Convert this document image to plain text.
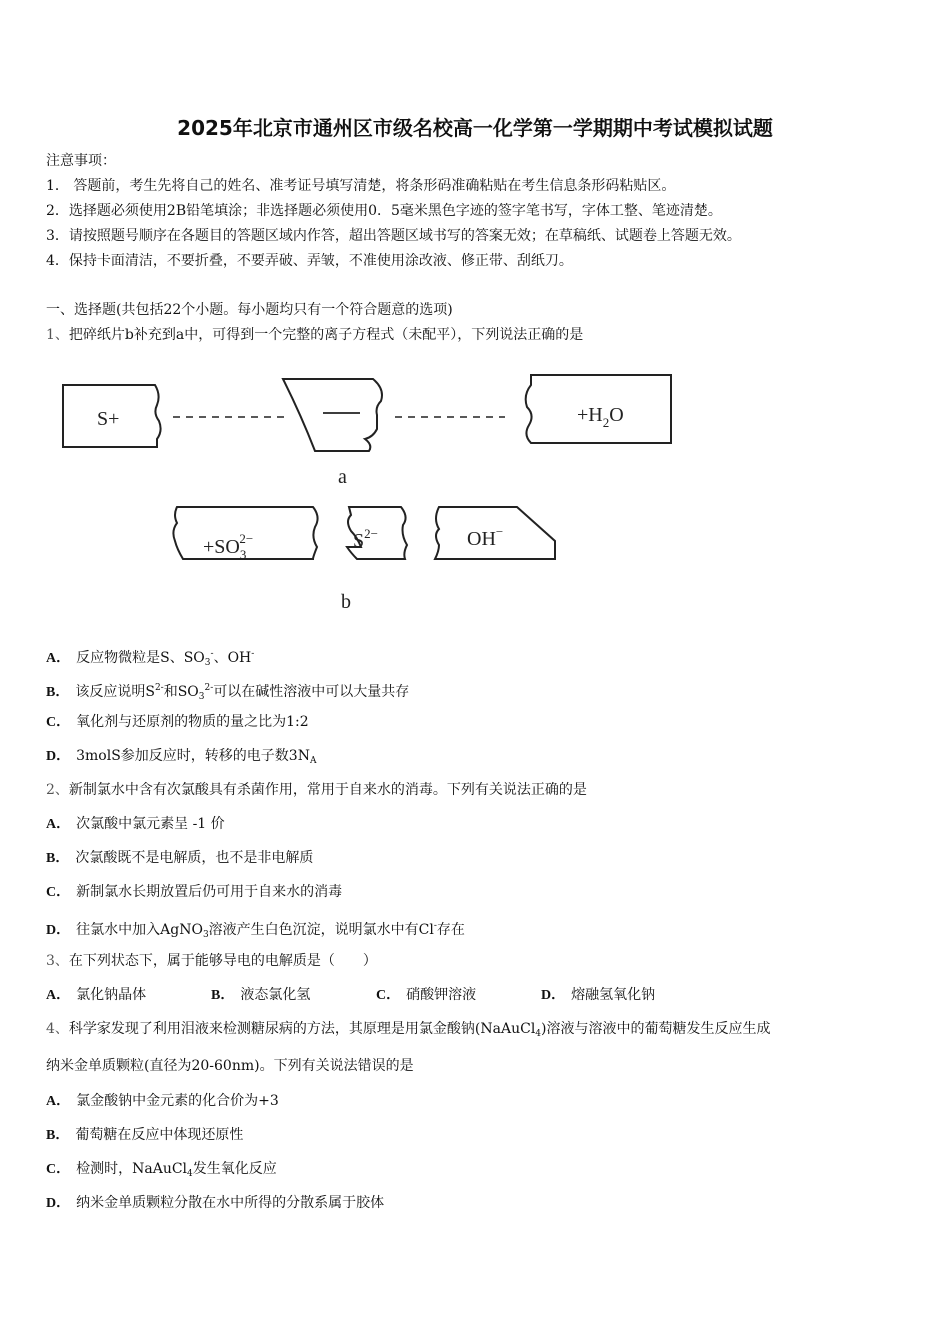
2025年北京市通州区市级名校高一化学第一学期期中考试模拟试题
注意事项：
1． 答题前，考生先将自己的姓名、准考证号填写清楚，将条形码准确粘贴在考生信息条形码粘贴区。
2．选择题必须使用2B铅笔填涂；非选择题必须使用0．5毫米黑色字迹的签字笔书写，字体工整、笔迹清楚。
3．请按照题号顺序在各题目的答题区域内作答，超出答题区域书写的答案无效；在草稿纸、试题卷上答题无效。
4．保持卡面清洁，不要折叠，不要弄破、弄皱，不准使用涂改液、修正带、刮纸刀。
一、选择题(共包括22个小题。每小题均只有一个符合题意的选项)
1、把碎纸片b补充到a中，可得到一个完整的离子方程式（未配平），下列说法正确的是
S+	$+H_2O$
a
$+SO_32-$	$S^{2-}$	OH−
b
A． 反应物微粒是S、$SO_3^-$、OH-
B． 该反应说明$S^{2-}$和$SO_3^{2-}$可以在碱性溶液中可以大量共存
C． 氧化剂与还原剂的物质的量之比为1:2
D． 3molS参加反应时，转移的电子数$3N_A$
2、新制氯水中含有次氯酸具有杀菌作用，常用于自来水的消毒。下列有关说法正确的是
A． 次氯酸中氯元素呈 -1 价
B． 次氯酸既不是电解质，也不是非电解质
C． 新制氯水长期放置后仍可用于自来水的消毒
D． 往氯水中加入AgNO$_3$溶液产生白色沉淀，说明氯水中有Cl-存在
3、在下列状态下，属于能够导电的电解质是（　　）
A． 氯化钠晶体	B． 液态氯化氢	C． 硝酸钾溶液	D． 熔融氢氧化钠
4、科学家发现了利用泪液来检测糖尿病的方法，其原理是用氯金酸钠(NaAuCl$_4$)溶液与溶液中的葡萄糖发生反应生成
纳米金单质颗粒(直径为20-60nm)。下列有关说法错误的是
A． 氯金酸钠中金元素的化合价为+3
B． 葡萄糖在反应中体现还原性
C． 检测时，NaAuCl$_4$发生氧化反应
D． 纳米金单质颗粒分散在水中所得的分散系属于胶体
